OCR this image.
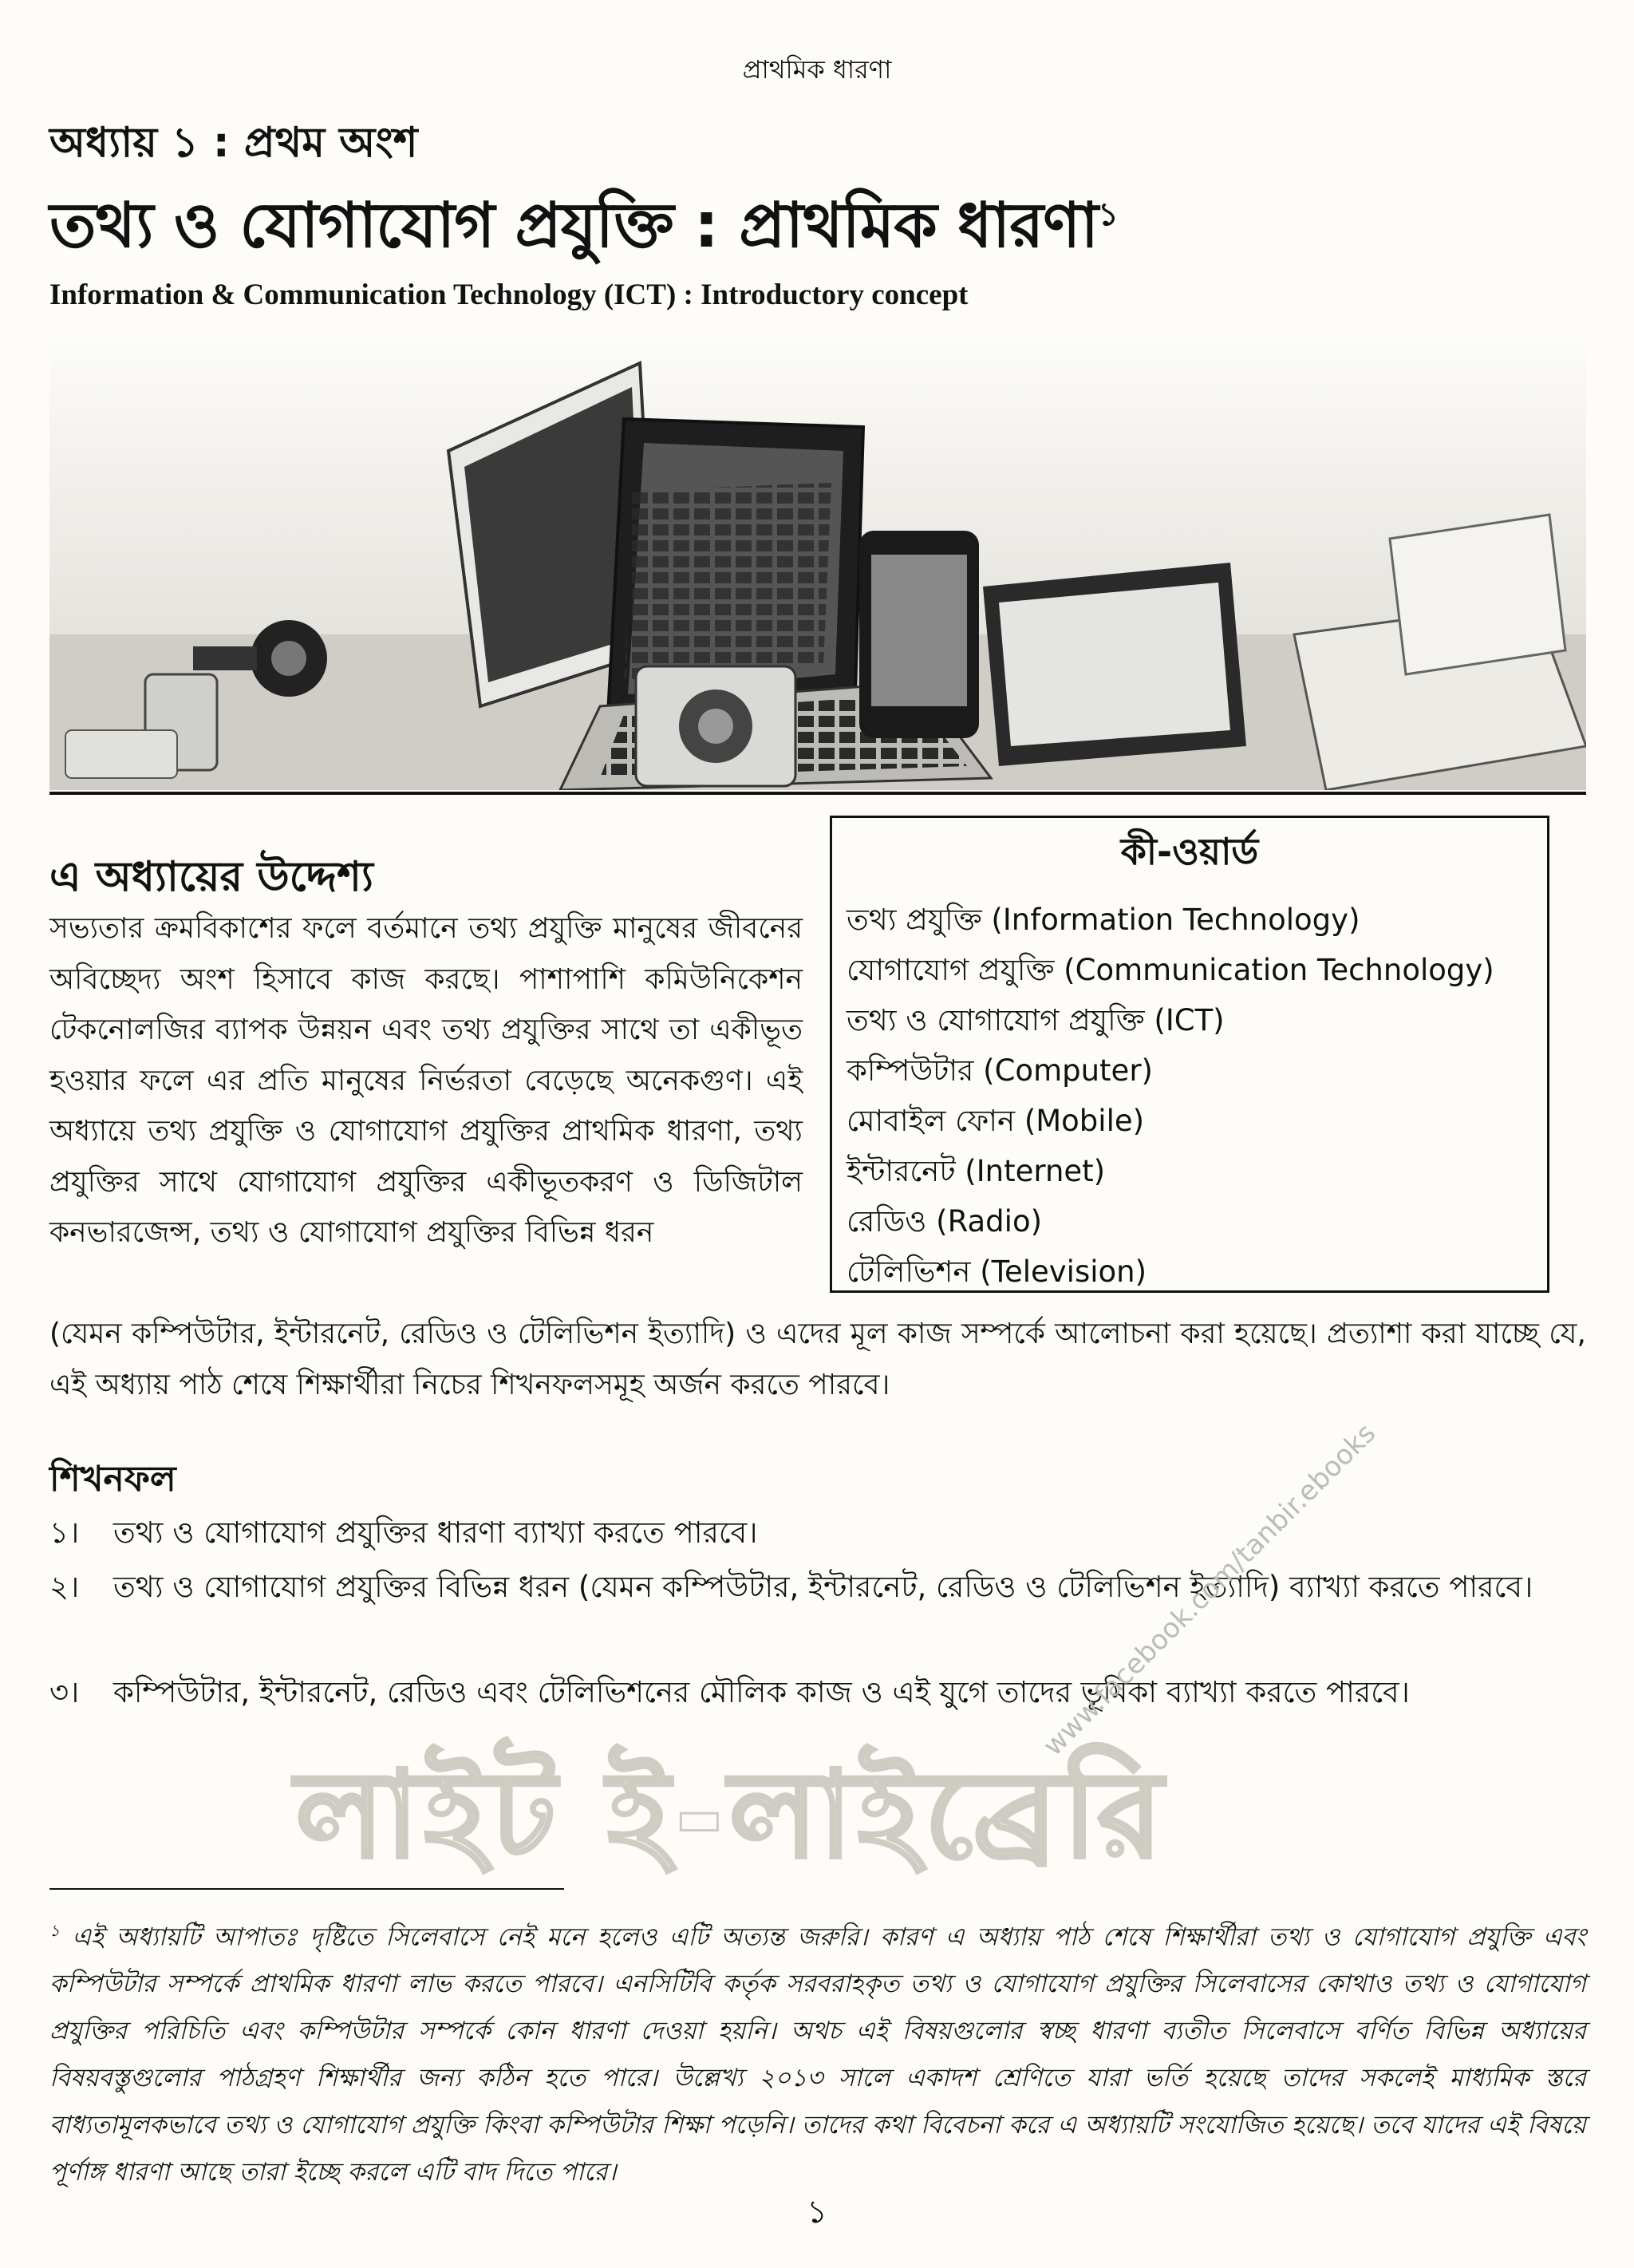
প্রাথমিক ধারণা
অধ্যায় ১ : প্রথম অংশ
তথ্য ও যোগাযোগ প্রযুক্তি : প্রাথমিক ধারণা$^১$
Information & Communication Technology (ICT) : Introductory concept
এ অধ্যায়ের উদ্দেশ্য
সভ্যতার ক্রমবিকাশের ফলে বর্তমানে তথ্য প্রযুক্তি মানুষের জীবনের অবিচ্ছেদ্য অংশ হিসাবে কাজ করছে। পাশাপাশি কমিউনিকেশন টেকনোলজির ব্যাপক উন্নয়ন এবং তথ্য প্রযুক্তির সাথে তা একীভূত হওয়ার ফলে এর প্রতি মানুষের নির্ভরতা বেড়েছে অনেকগুণ। এই অধ্যায়ে তথ্য প্রযুক্তি ও যোগাযোগ প্রযুক্তির প্রাথমিক ধারণা, তথ্য প্রযুক্তির সাথে যোগাযোগ প্রযুক্তির একীভূতকরণ ও ডিজিটাল কনভারজেন্স, তথ্য ও যোগাযোগ প্রযুক্তির বিভিন্ন ধরন
(যেমন কম্পিউটার, ইন্টারনেট, রেডিও ও টেলিভিশন ইত্যাদি) ও এদের মূল কাজ সম্পর্কে আলোচনা করা হয়েছে। প্রত্যাশা করা যাচ্ছে যে, এই অধ্যায় পাঠ শেষে শিক্ষার্থীরা নিচের শিখনফলসমূহ অর্জন করতে পারবে।
কী-ওয়ার্ড
তথ্য প্রযুক্তি (Information Technology)
যোগাযোগ প্রযুক্তি (Communication Technology)
তথ্য ও যোগাযোগ প্রযুক্তি (ICT)
কম্পিউটার (Computer)
মোবাইল ফোন (Mobile)
ইন্টারনেট (Internet)
রেডিও (Radio)
টেলিভিশন (Television)
শিখনফল
১।	তথ্য ও যোগাযোগ প্রযুক্তির ধারণা ব্যাখ্যা করতে পারবে।
২।	তথ্য ও যোগাযোগ প্রযুক্তির বিভিন্ন ধরন (যেমন কম্পিউটার, ইন্টারনেট, রেডিও ও টেলিভিশন ইত্যাদি) ব্যাখ্যা করতে পারবে।
৩।	কম্পিউটার, ইন্টারনেট, রেডিও এবং টেলিভিশনের মৌলিক কাজ ও এই যুগে তাদের ভূমিকা ব্যাখ্যা করতে পারবে।
লাইট ই-লাইব্রেরি
www.facebook.com/tanbir.ebooks
$^১$ এই অধ্যায়টি আপাতঃ দৃষ্টিতে সিলেবাসে নেই মনে হলেও এটি অত্যন্ত জরুরি। কারণ এ অধ্যায় পাঠ শেষে শিক্ষার্থীরা তথ্য ও যোগাযোগ প্রযুক্তি এবং কম্পিউটার সম্পর্কে প্রাথমিক ধারণা লাভ করতে পারবে। এনসিটিবি কর্তৃক সরবরাহকৃত তথ্য ও যোগাযোগ প্রযুক্তির সিলেবাসের কোথাও তথ্য ও যোগাযোগ প্রযুক্তির পরিচিতি এবং কম্পিউটার সম্পর্কে কোন ধারণা দেওয়া হয়নি। অথচ এই বিষয়গুলোর স্বচ্ছ ধারণা ব্যতীত সিলেবাসে বর্ণিত বিভিন্ন অধ্যায়ের বিষয়বস্তুগুলোর পাঠগ্রহণ শিক্ষার্থীর জন্য কঠিন হতে পারে। উল্লেখ্য ২০১৩ সালে একাদশ শ্রেণিতে যারা ভর্তি হয়েছে তাদের সকলেই মাধ্যমিক স্তরে বাধ্যতামূলকভাবে তথ্য ও যোগাযোগ প্রযুক্তি কিংবা কম্পিউটার শিক্ষা পড়েনি। তাদের কথা বিবেচনা করে এ অধ্যায়টি সংযোজিত হয়েছে। তবে যাদের এই বিষয়ে পূর্ণাঙ্গ ধারণা আছে তারা ইচ্ছে করলে এটি বাদ দিতে পারে।
১
